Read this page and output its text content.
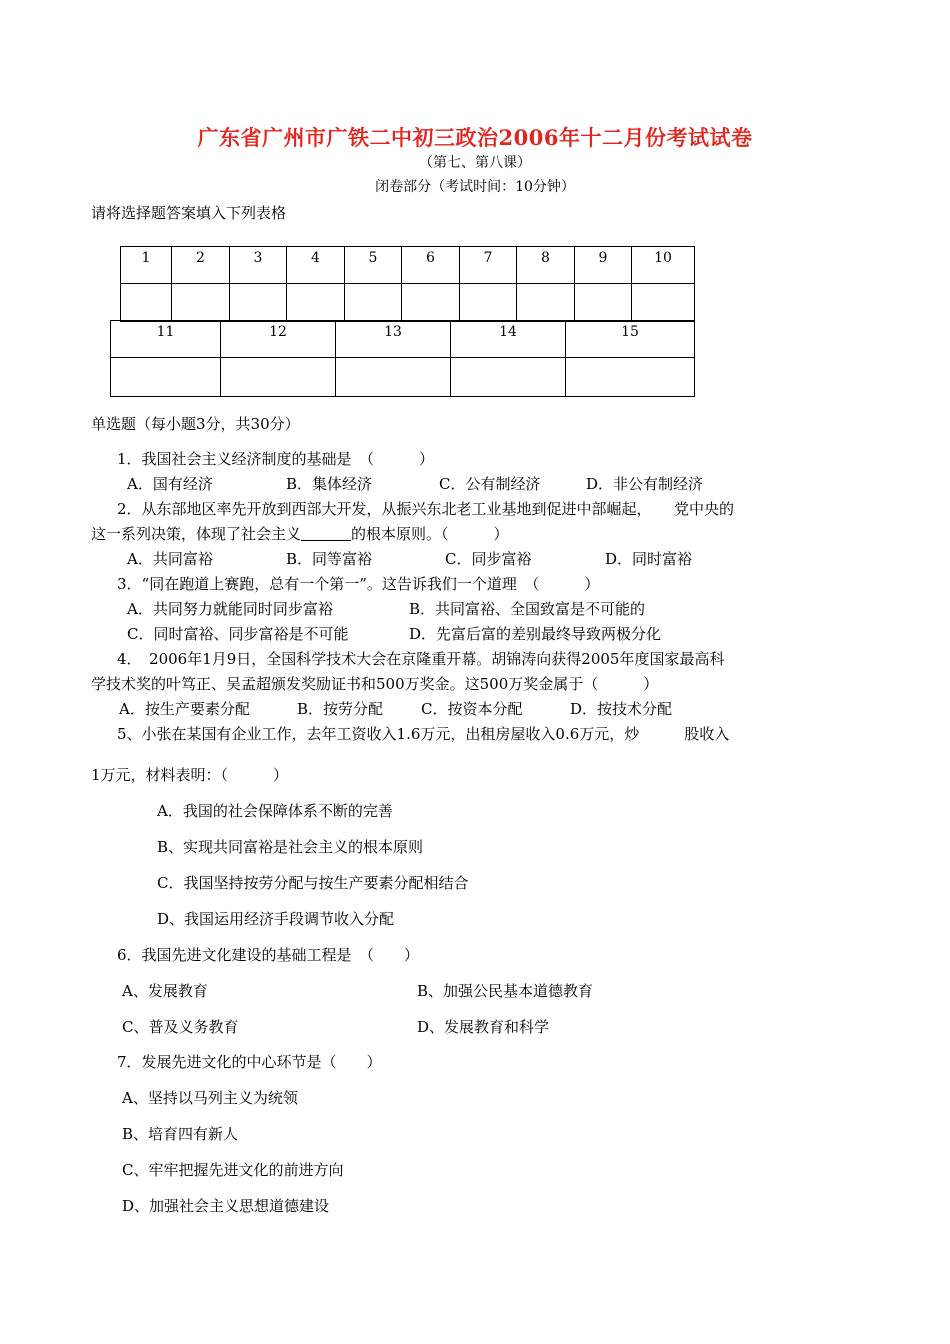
广东省广州市广铁二中初三政治2006年十二月份考试试卷
（第七、第八课）
闭卷部分（考试时间：10分钟）
请将选择题答案填入下列表格
1	2	3	4	5	6	7	8	9	10

11	12	13	14	15

单选题（每小题3分，共30分）
1．我国社会主义经济制度的基础是　（　　　）
A．国有经济	B．集体经济	C．公有制经济	D．非公有制经济
2．从东部地区率先开放到西部大开发，从振兴东北老工业基地到促进中部崛起，　　党中央的
这一系列决策，体现了社会主义	的根本原则。（　　　）
A．共同富裕	B．同等富裕	C．同步富裕	D．同时富裕
3．“同在跑道上赛跑，总有一个第一”。这告诉我们一个道理　（　　　）
A．共同努力就能同时同步富裕	B．共同富裕、全国致富是不可能的
C．同时富裕、同步富裕是不可能	D．先富后富的差别最终导致两极分化
4．　2006年1月9日，全国科学技术大会在京隆重开幕。胡锦涛向获得2005年度国家最高科
学技术奖的叶笃正、吴孟超颁发奖励证书和500万奖金。这500万奖金属于（　　　）
A．按生产要素分配	B．按劳分配	C．按资本分配	D．按技术分配
5、小张在某国有企业工作，去年工资收入1.6万元，出租房屋收入0.6万元，炒　　　股收入
1万元，材料表明：（　　　）
A．我国的社会保障体系不断的完善
B、实现共同富裕是社会主义的根本原则
C．我国坚持按劳分配与按生产要素分配相结合
D、我国运用经济手段调节收入分配
6．我国先进文化建设的基础工程是　（　　）
A、发展教育	B、加强公民基本道德教育
C、普及义务教育	D、发展教育和科学
7．发展先进文化的中心环节是（　　）
A、坚持以马列主义为统领
B、培育四有新人
C、牢牢把握先进文化的前进方向
D、加强社会主义思想道德建设
